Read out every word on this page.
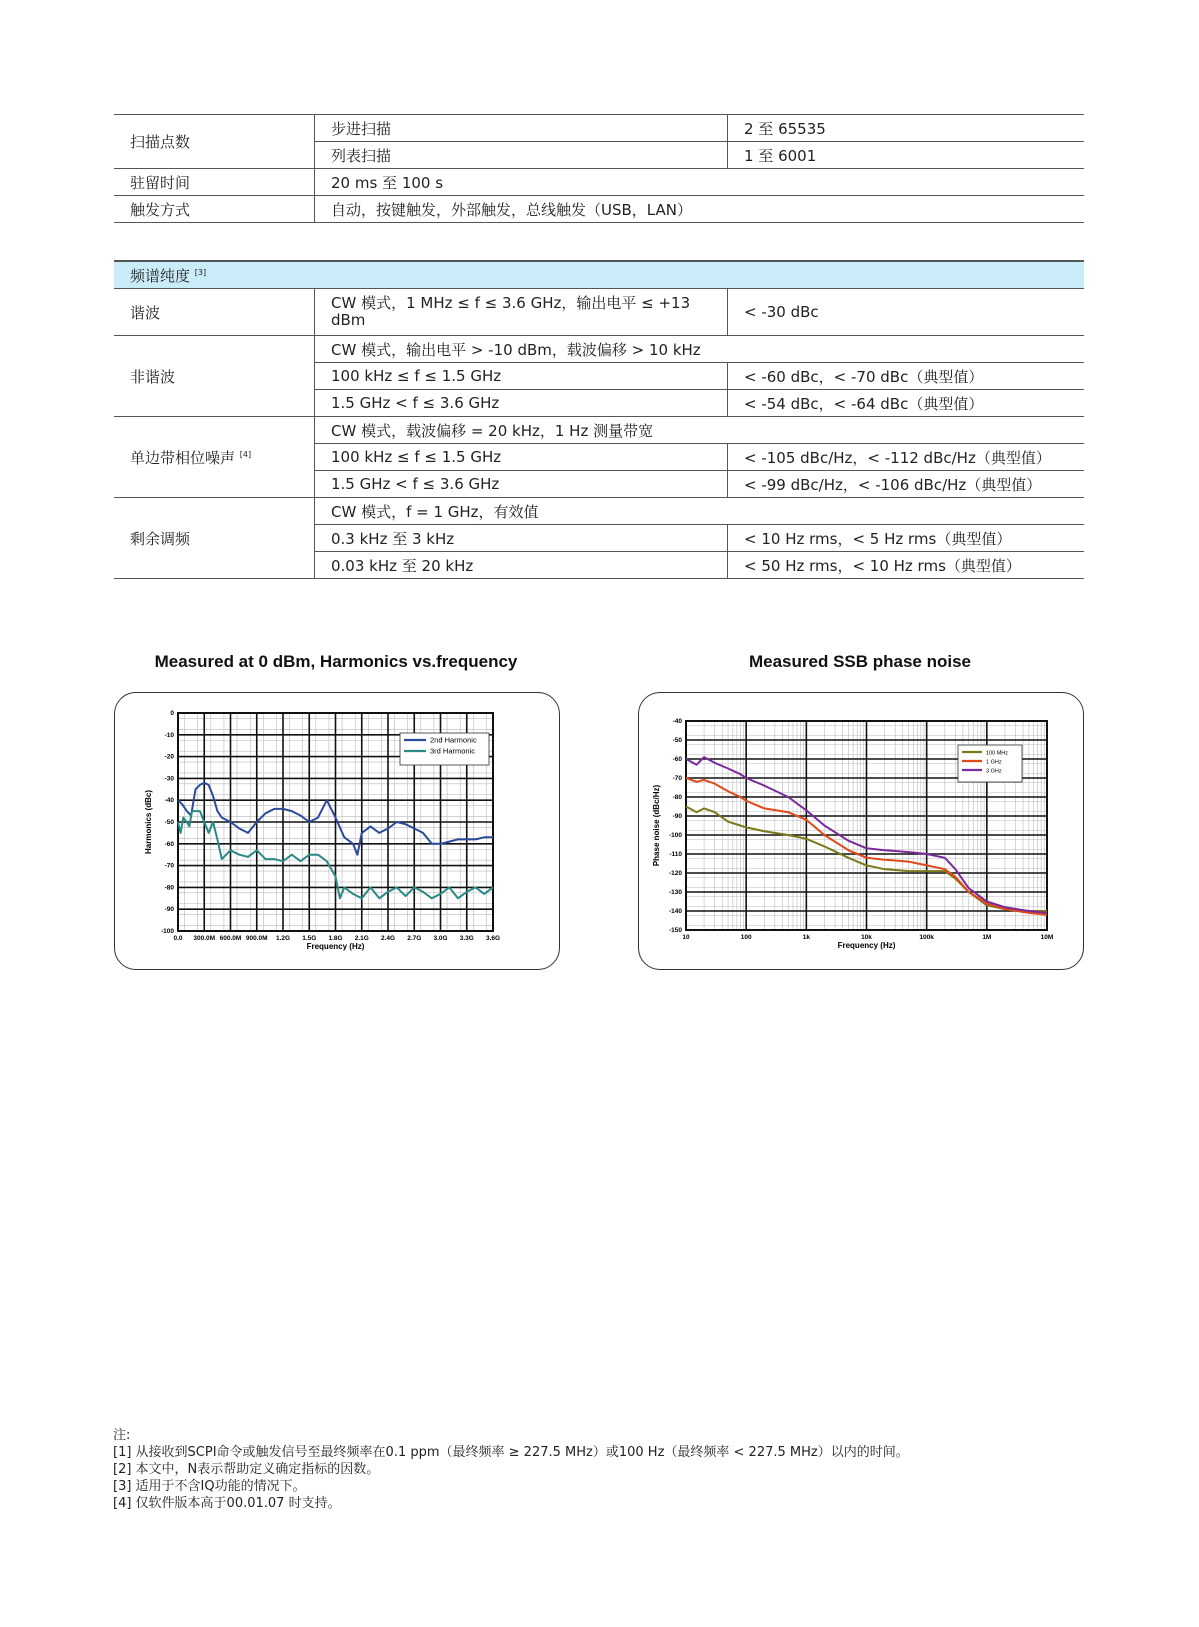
扫描点数	步进扫描	2 至 65535
	列表扫描	1 至 6001
驻留时间	20 ms 至 100 s	
触发方式	自动，按键触发，外部触发，总线触发（USB，LAN）	
频谱纯度 [3]
谐波	CW 模式，1 MHz ≤ f ≤ 3.6 GHz，输出电平 ≤ +13 dBm	< -30 dBc
非谐波	CW 模式，输出电平 > -10 dBm，载波偏移 > 10 kHz	
	100 kHz ≤ f ≤ 1.5 GHz	< -60 dBc，< -70 dBc（典型值）
	1.5 GHz < f ≤ 3.6 GHz	< -54 dBc，< -64 dBc（典型值）
单边带相位噪声 [4]	CW 模式，载波偏移 = 20 kHz，1 Hz 测量带宽	
	100 kHz ≤ f ≤ 1.5 GHz	< -105 dBc/Hz，< -112 dBc/Hz（典型值）
	1.5 GHz < f ≤ 3.6 GHz	< -99 dBc/Hz，< -106 dBc/Hz（典型值）
剩余调频	CW 模式，f = 1 GHz，有效值	
	0.3 kHz 至 3 kHz	< 10 Hz rms，< 5 Hz rms（典型值）
	0.03 kHz 至 20 kHz	< 50 Hz rms，< 10 Hz rms（典型值）
Measured at 0 dBm, Harmonics vs.frequency	Measured SSB phase noise
0.0 300.0M 600.0M 900.0M 1.2G 1.5G 1.8G 2.1G 2.4G 2.7G 3.0G 3.3G 3.6G
0
-10
-20
-30
-40
-50
-60
-70
-80
-90
-100
Frequency (Hz)
Harmonics (dBc)
2nd Harmonic
3rd Harmonic
10	100	1k	10k	100k	1M	10M
-40
-50
-60
-70
-80
-90
-100
-110
-120
-130
-140
-150
Frequency (Hz)
Phase noise (dBc/Hz)
100 MHz
1 GHz
3 GHz
注:
[1] 从接收到SCPI命令或触发信号至最终频率在0.1 ppm（最终频率 ≥ 227.5 MHz）或100 Hz（最终频率 < 227.5 MHz）以内的时间。
[2] 本文中，N表示帮助定义确定指标的因数。
[3] 适用于不含IQ功能的情况下。
[4] 仅软件版本高于00.01.07 时支持。
